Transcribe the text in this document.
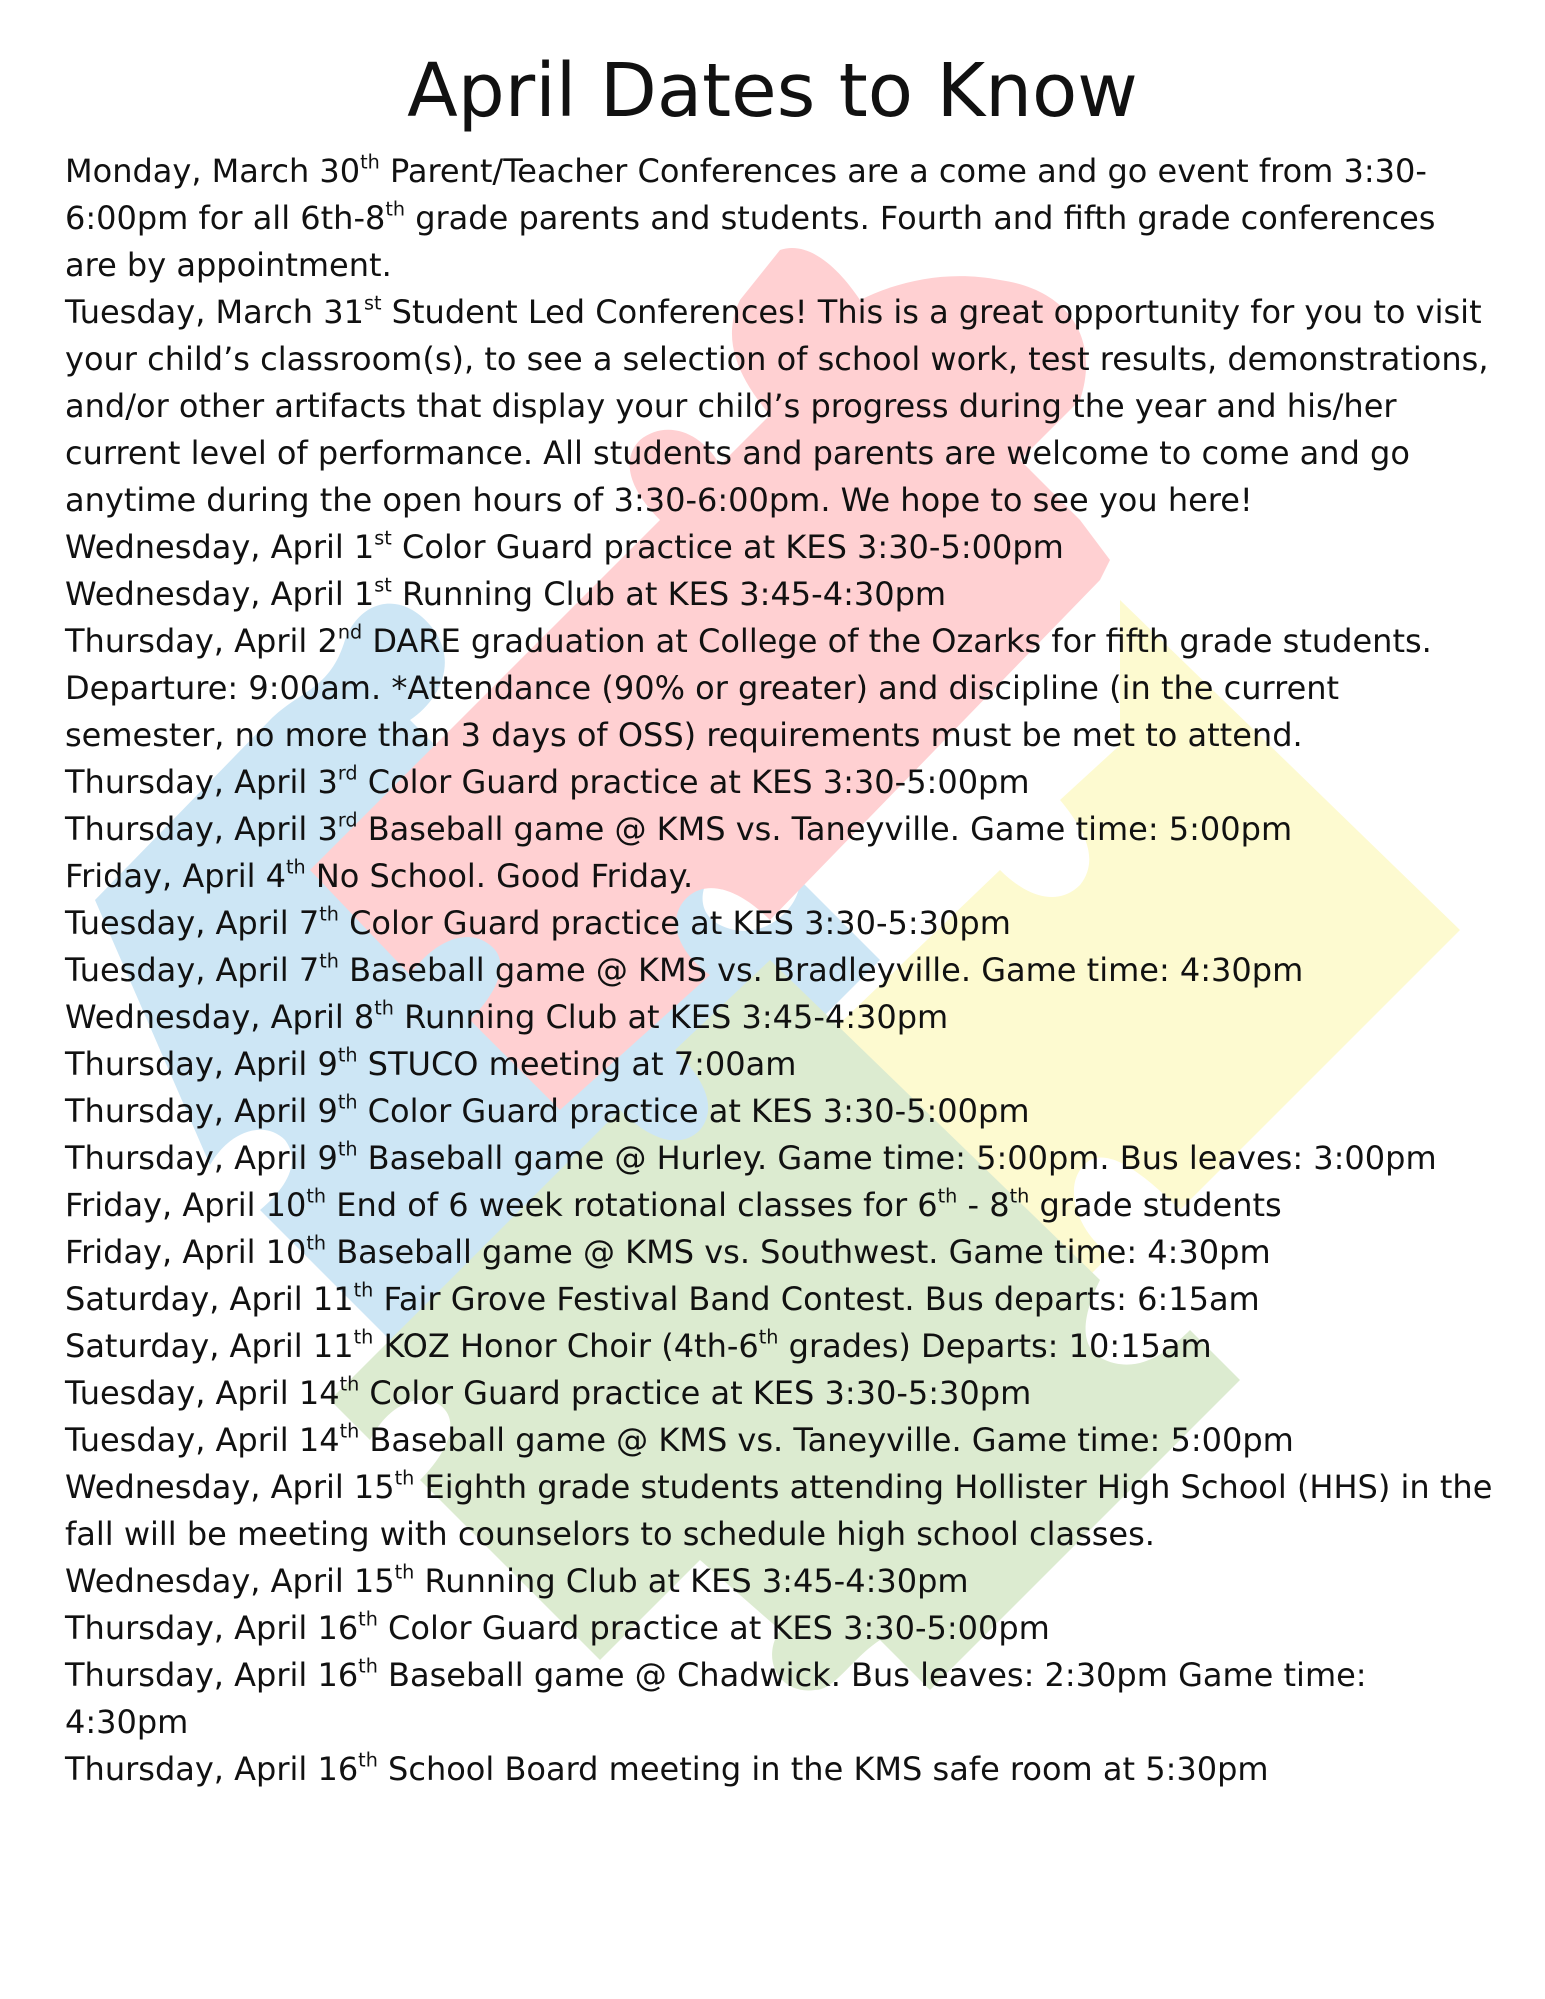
April Dates to Know

Monday, March 30th Parent/Teacher Conferences are a come and go event from 3:30-6:00pm for all 6th-8th grade parents and students. Fourth and fifth grade conferences are by appointment.

Tuesday, March 31st Student Led Conferences! This is a great opportunity for you to visit your child’s classroom(s), to see a selection of school work, test results, demonstrations, and/or other artifacts that display your child’s progress during the year and his/her current level of performance. All students and parents are welcome to come and go anytime during the open hours of 3:30-6:00pm. We hope to see you here!

Wednesday, April 1st Color Guard practice at KES 3:30-5:00pm

Wednesday, April 1st Running Club at KES 3:45-4:30pm

Thursday, April 2nd DARE graduation at College of the Ozarks for fifth grade students. Departure: 9:00am. *Attendance (90% or greater) and discipline (in the current semester, no more than 3 days of OSS) requirements must be met to attend.

Thursday, April 3rd Color Guard practice at KES 3:30-5:00pm

Thursday, April 3rd Baseball game @ KMS vs. Taneyville. Game time: 5:00pm

Friday, April 4th No School. Good Friday.

Tuesday, April 7th Color Guard practice at KES 3:30-5:30pm

Tuesday, April 7th Baseball game @ KMS vs. Bradleyville. Game time: 4:30pm

Wednesday, April 8th Running Club at KES 3:45-4:30pm

Thursday, April 9th STUCO meeting at 7:00am

Thursday, April 9th Color Guard practice at KES 3:30-5:00pm

Thursday, April 9th Baseball game @ Hurley. Game time: 5:00pm. Bus leaves: 3:00pm

Friday, April 10th End of 6 week rotational classes for 6th - 8th grade students

Friday, April 10th Baseball game @ KMS vs. Southwest. Game time: 4:30pm

Saturday, April 11th Fair Grove Festival Band Contest. Bus departs: 6:15am

Saturday, April 11th KOZ Honor Choir (4th-6th grades) Departs: 10:15am

Tuesday, April 14th Color Guard practice at KES 3:30-5:30pm

Tuesday, April 14th Baseball game @ KMS vs. Taneyville. Game time: 5:00pm

Wednesday, April 15th Eighth grade students attending Hollister High School (HHS) in the fall will be meeting with counselors to schedule high school classes.

Wednesday, April 15th Running Club at KES 3:45-4:30pm

Thursday, April 16th Color Guard practice at KES 3:30-5:00pm

Thursday, April 16th Baseball game @ Chadwick. Bus leaves: 2:30pm Game time: 4:30pm

Thursday, April 16th School Board meeting in the KMS safe room at 5:30pm
